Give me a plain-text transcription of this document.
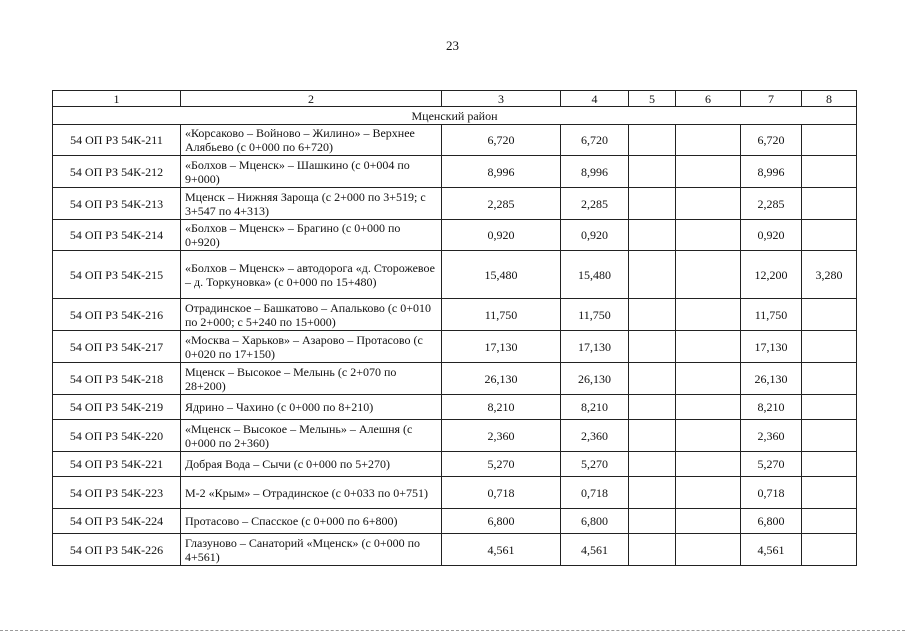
23
1	2	3	4	5	6	7	8
Мценский район							
54 ОП РЗ 54К-211	«Корсаково – Войново – Жилино» – Верхнее Алябьево (с 0+000 по 6+720)	6,720	6,720			6,720	
54 ОП РЗ 54К-212	«Болхов – Мценск» – Шашкино (с 0+004 по 9+000)	8,996	8,996			8,996	
54 ОП РЗ 54К-213	Мценск – Нижняя Зароща (с 2+000 по 3+519; с 3+547 по 4+313)	2,285	2,285			2,285	
54 ОП РЗ 54К-214	«Болхов – Мценск» – Брагино (с 0+000 по 0+920)	0,920	0,920			0,920	
54 ОП РЗ 54К-215	«Болхов – Мценск» – автодорога «д. Сторожевое – д. Торкуновка» (с 0+000 по 15+480)	15,480	15,480			12,200	3,280
54 ОП РЗ 54К-216	Отрадинское – Башкатово – Апальково (с 0+010 по 2+000; с 5+240 по 15+000)	11,750	11,750			11,750	
54 ОП РЗ 54К-217	«Москва – Харьков» – Азарово – Протасово (с 0+020 по 17+150)	17,130	17,130			17,130	
54 ОП РЗ 54К-218	Мценск – Высокое – Мелынь (с 2+070 по 28+200)	26,130	26,130			26,130	
54 ОП РЗ 54К-219	Ядрино – Чахино (с 0+000 по 8+210)	8,210	8,210			8,210	
54 ОП РЗ 54К-220	«Мценск – Высокое – Мелынь» – Алешня (с 0+000 по 2+360)	2,360	2,360			2,360	
54 ОП РЗ 54К-221	Добрая Вода – Сычи (с 0+000 по 5+270)	5,270	5,270			5,270	
54 ОП РЗ 54К-223	М-2 «Крым» – Отрадинское (с 0+033 по 0+751)	0,718	0,718			0,718	
54 ОП РЗ 54К-224	Протасово – Спасское (с 0+000 по 6+800)	6,800	6,800			6,800	
54 ОП РЗ 54К-226	Глазуново – Санаторий «Мценск» (с 0+000 по 4+561)	4,561	4,561			4,561	
